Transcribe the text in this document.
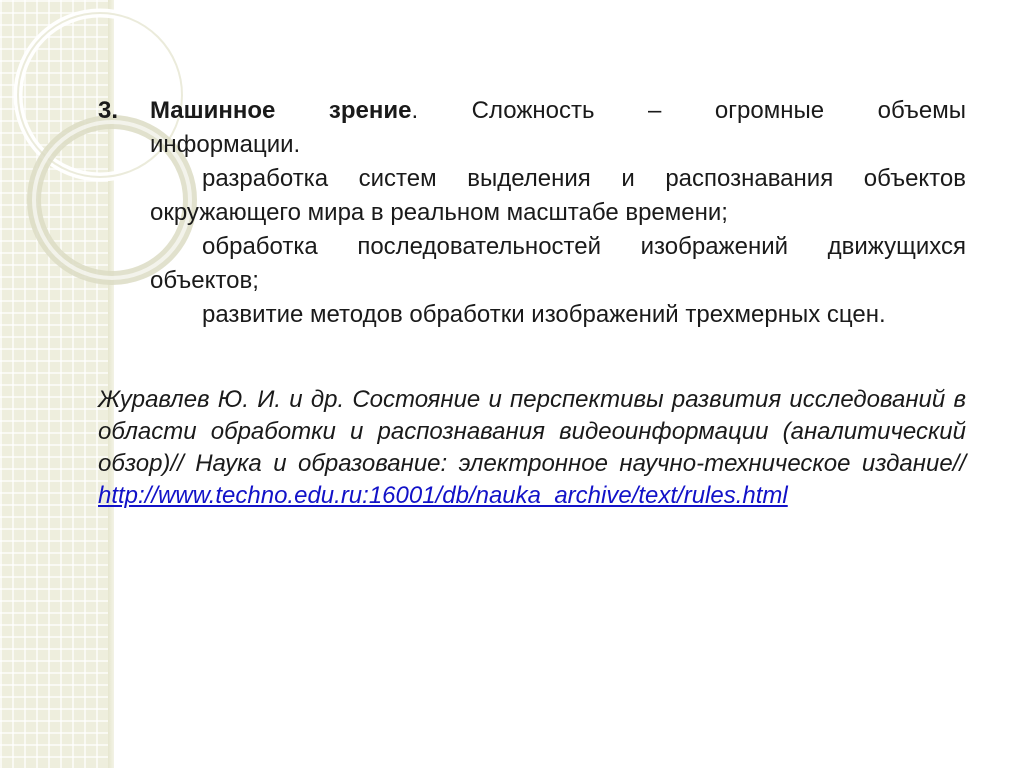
3.	Машинное зрение. Сложность – огромные объемы
информации.
разработка систем выделения и распознавания объектов окружающего мира в реальном масштабе времени;
обработка последовательностей изображений движущихся объектов;
развитие методов обработки изображений трехмерных сцен.
Журавлев Ю. И. и др. Состояние и перспективы развития исследований в области обработки и распознавания видеоинформации (аналитический обзор)// Наука и образование: электронное научно-техническое издание// http://www.techno.edu.ru:16001/db/nauka_archive/text/rules.html
